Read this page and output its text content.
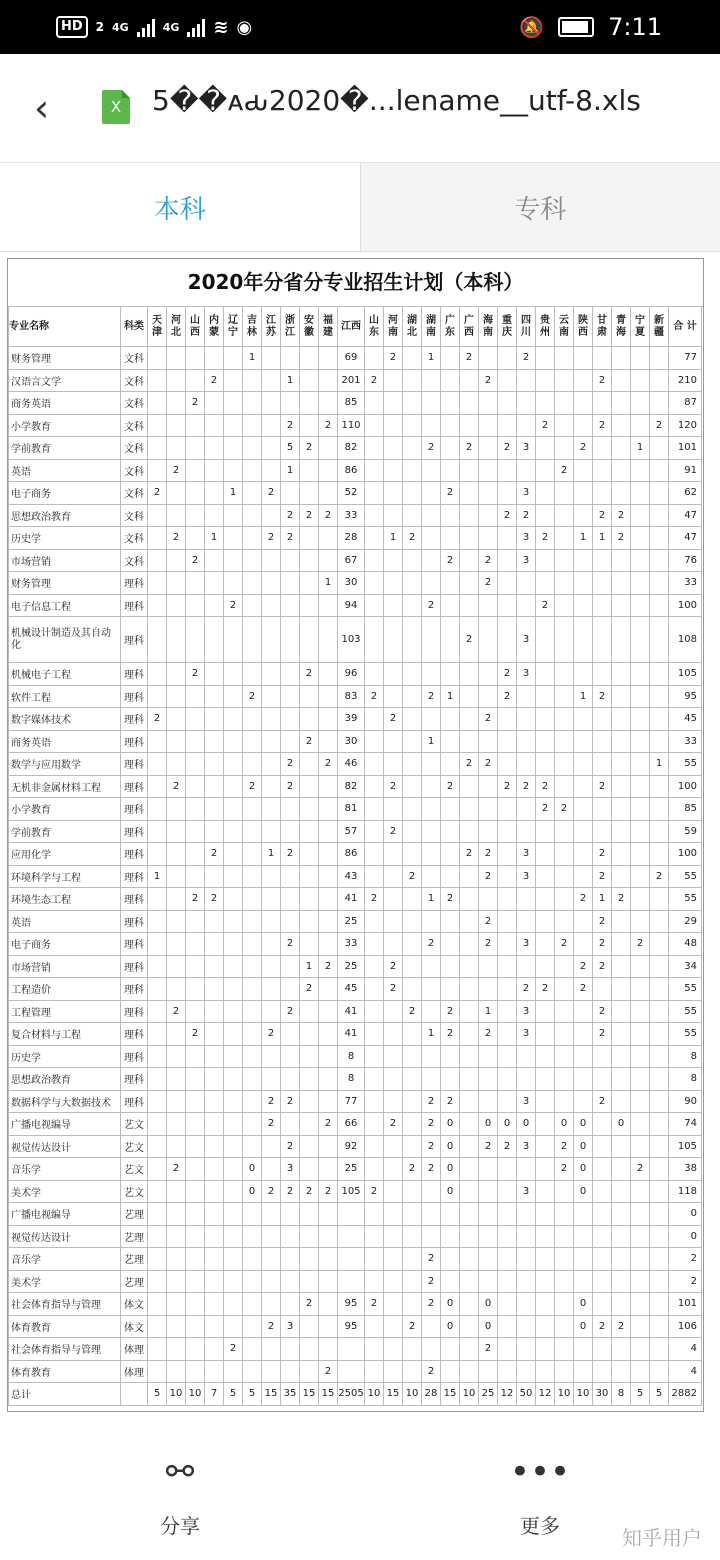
HD	2 4G	4G ≋ ◉	🔕	7:11
‹	X	5��ᴀԃ2020�...lename__utf-8.xls
本科	专科
2020年分省分专业招生计划（本科）
专业名称	科类	天津	河北	山西	内蒙	辽宁	吉林	江苏	浙江	安徽	福建	江西	山东	河南	湖北	湖南	广东	广西	海南	重庆	四川	贵州	云南	陕西	甘肃	青海	宁夏	新疆	合 计
财务管理	文科						1					69		2		1		2			2								77
汉语言文学	文科				2				1			201	2						2						2				210
商务英语	文科			2								85																	87
小学教育	文科								2		2	110										2			2			2	120
学前教育	文科								5	2		82				2		2		2	3			2			1		101
英语	文科		2						1			86											2						91
电子商务	文科	2				1		2				52					2				3								62
思想政治教育	文科								2	2	2	33								2	2				2	2			47
历史学	文科		2		1			2	2			28		1	2						3	2		1	1	2			47
市场营销	文科			2								67					2		2		3								76
财务管理	理科										1	30							2										33
电子信息工程	理科					2						94				2						2							100
机械设计制造及其自动化	理科											103						2			3								108
机械电子工程	理科			2						2		96								2	3								105
软件工程	理科						2					83	2			2	1			2				1	2				95
数字媒体技术	理科	2										39		2					2										45
商务英语	理科									2		30				1													33
数学与应用数学	理科								2		2	46						2	2									1	55
无机非金属材料工程	理科		2				2		2			82		2			2			2	2	2			2				100
小学教育	理科											81										2	2						85
学前教育	理科											57		2															59
应用化学	理科				2			1	2			86						2	2		3				2				100
环境科学与工程	理科	1										43			2				2		3				2			2	55
环境生态工程	理科			2	2							41	2			1	2							2	1	2			55
英语	理科											25							2						2				29
电子商务	理科								2			33				2			2		3		2		2		2		48
市场营销	理科									1	2	25		2										2	2				34
工程造价	理科									2		45		2							2	2		2					55
工程管理	理科		2						2			41			2		2		1		3				2				55
复合材料与工程	理科			2				2				41				1	2		2		3				2				55
历史学	理科											8																	8
思想政治教育	理科											8																	8
数据科学与大数据技术	理科							2	2			77				2	2				3				2				90
广播电视编导	艺文							2			2	66		2		2	0		0	0	0		0	0		0			74
视觉传达设计	艺文								2			92				2	0		2	2	3		2	0					105
音乐学	艺文		2				0		3			25			2	2	0						2	0			2		38
美术学	艺文						0	2	2	2	2	105	2				0				3			0					118
广播电视编导	艺理																												0
视觉传达设计	艺理																												0
音乐学	艺理															2													2
美术学	艺理															2													2
社会体育指导与管理	体文									2		95	2			2	0		0					0					101
体育教育	体文							2	3			95			2		0		0					0	2	2			106
社会体育指导与管理	体理					2													2										4
体育教育	体理										2					2													4
总计		5	10	10	7	5	5	15	35	15	15	2505	10	15	10	28	15	10	25	12	50	12	10	10	30	8	5	5	2882
⚯
分享
•••
更多	知乎用户
